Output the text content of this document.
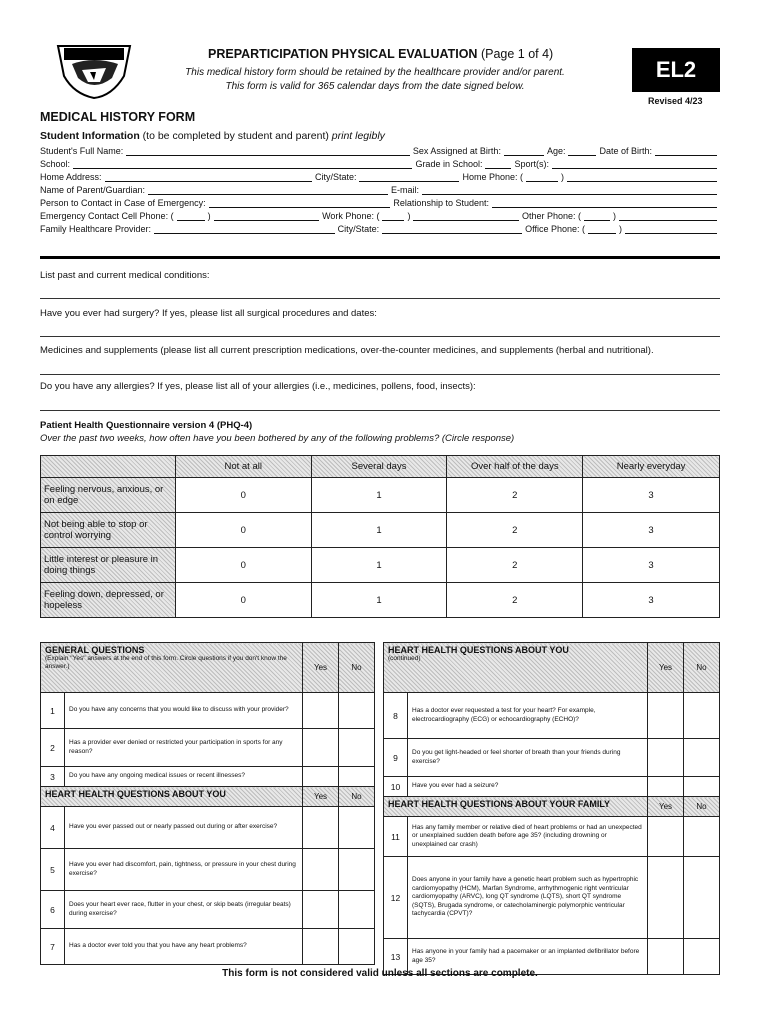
PREPARTICIPATION PHYSICAL EVALUATION (Page 1 of 4)
This medical history form should be retained by the healthcare provider and/or parent.
This form is valid for 365 calendar days from the date signed below.
EL2
Revised 4/23
MEDICAL HISTORY FORM
Student Information (to be completed by student and parent) print legibly
Student's Full Name:	Sex Assigned at Birth:	Age:	Date of Birth:
School:	Grade in School:	Sport(s):
Home Address:	City/State:	Home Phone: (	)
Name of Parent/Guardian:	E-mail:
Person to Contact in Case of Emergency:	Relationship to Student:
Emergency Contact Cell Phone: (	)	Work Phone: (	)	Other Phone: (	)
Family Healthcare Provider:	City/State:	Office Phone: (	)
List past and current medical conditions:
Have you ever had surgery? If yes, please list all surgical procedures and dates:
Medicines and supplements (please list all current prescription medications, over-the-counter medicines, and supplements (herbal and nutritional).
Do you have any allergies? If yes, please list all of your allergies (i.e., medicines, pollens, food, insects):
Patient Health Questionnaire version 4 (PHQ-4)
Over the past two weeks, how often have you been bothered by any of the following problems? (Circle response)
	Not at all	Several days	Over half of the days	Nearly everyday
Feeling nervous, anxious, or on edge	0	1	2	3
Not being able to stop or control worrying	0	1	2	3
Little interest or pleasure in doing things	0	1	2	3
Feeling down, depressed, or hopeless	0	1	2	3
GENERAL QUESTIONS
(Explain "Yes" answers at the end of this form. Circle questions if you don't know the answer.)		Yes	No
1	Do you have any concerns that you would like to discuss with your provider?		
2	Has a provider ever denied or restricted your participation in sports for any reason?		
3	Do you have any ongoing medical issues or recent illnesses?		
HEART HEALTH QUESTIONS ABOUT YOU		Yes	No
4	Have you ever passed out or nearly passed out during or after exercise?		
5	Have you ever had discomfort, pain, tightness, or pressure in your chest during exercise?		
6	Does your heart ever race, flutter in your chest, or skip beats (irregular beats) during exercise?		
7	Has a doctor ever told you that you have any heart problems?		
HEART HEALTH QUESTIONS ABOUT YOU
(continued)		Yes	No
8	Has a doctor ever requested a test for your heart? For example, electrocardiography (ECG) or echocardiography (ECHO)?		
9	Do you get light-headed or feel shorter of breath than your friends during exercise?		
10	Have you ever had a seizure?		
HEART HEALTH QUESTIONS ABOUT YOUR FAMILY		Yes	No
11	Has any family member or relative died of heart problems or had an unexpected or unexplained sudden death before age 35? (including drowning or unexplained car crash)		
12	Does anyone in your family have a genetic heart problem such as hypertrophic cardiomyopathy (HCM), Marfan Syndrome, arrhythmogenic right ventricular cardiomyopathy (ARVC), long QT syndrome (LQTS), short QT syndrome (SQTS), Brugada syndrome, or catecholaminergic polymorphic ventricular tachycardia (CPVT)?		
13	Has anyone in your family had a pacemaker or an implanted defibrillator before age 35?		
This form is not considered valid unless all sections are complete.
